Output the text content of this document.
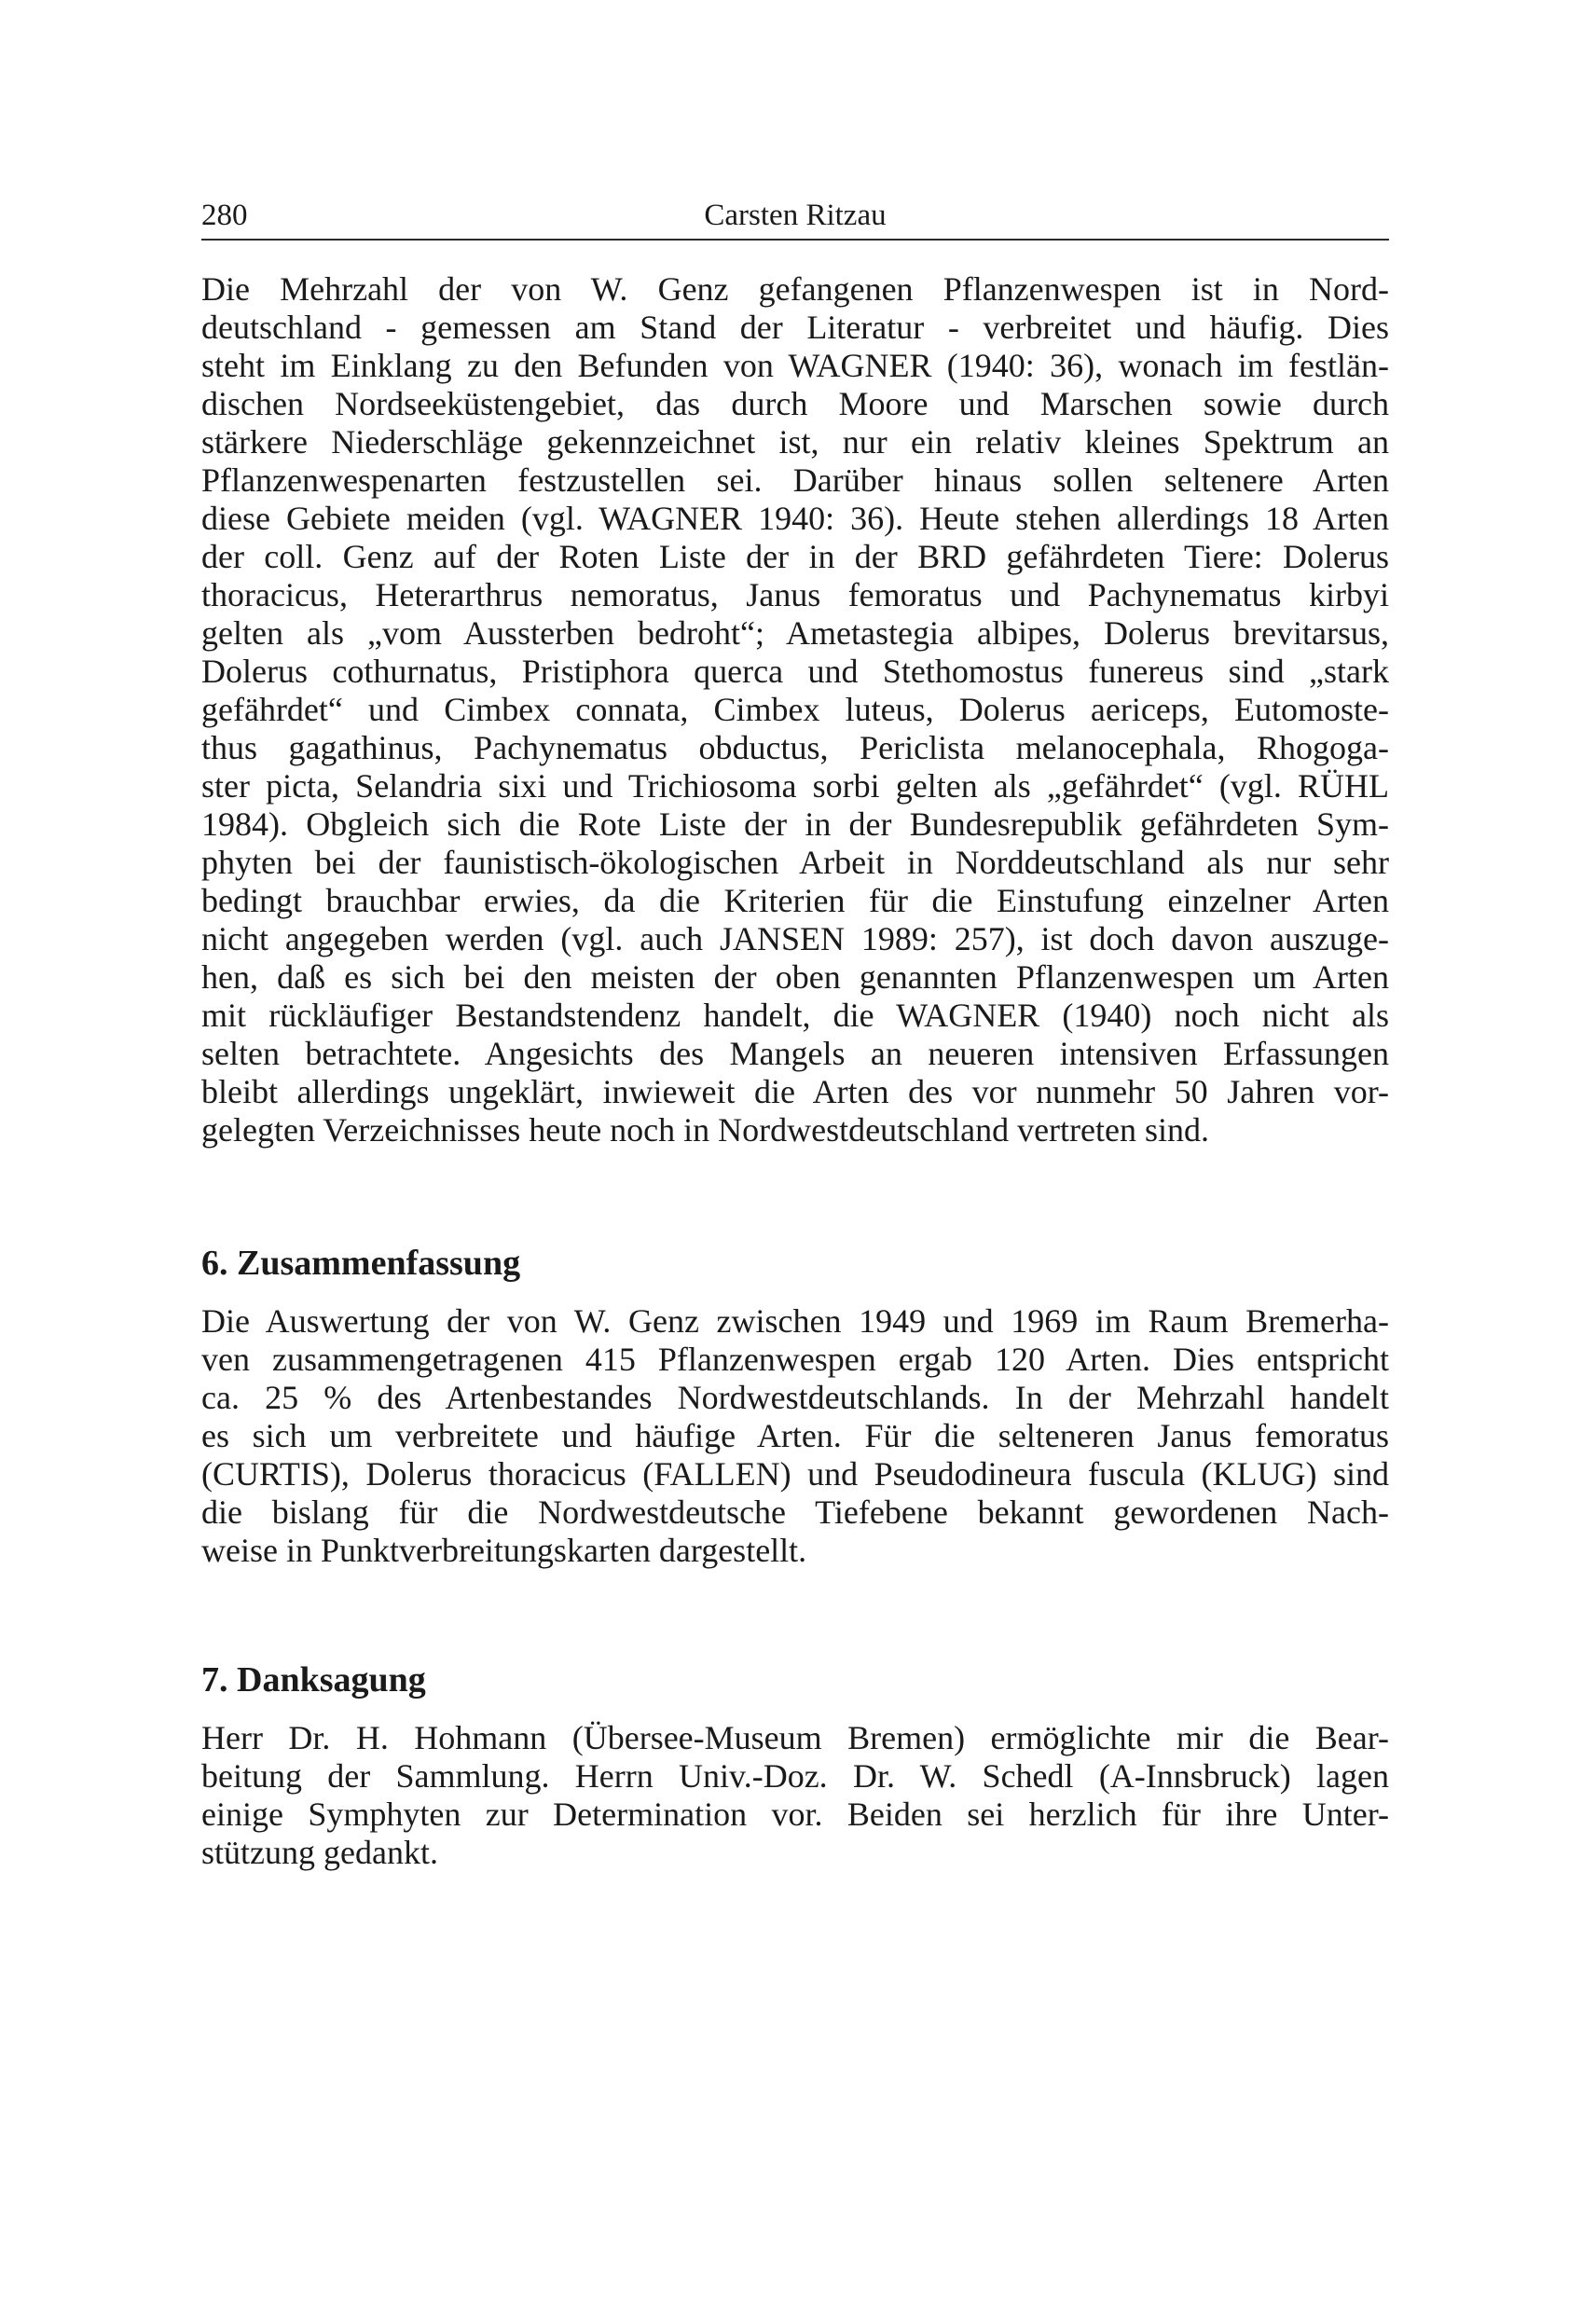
280	Carsten Ritzau

Die Mehrzahl der von W. Genz gefangenen Pflanzenwespen ist in Nord-
deutschland - gemessen am Stand der Literatur - verbreitet und häufig. Dies
steht im Einklang zu den Befunden von WAGNER (1940: 36), wonach im festlän-
dischen Nordseeküstengebiet, das durch Moore und Marschen sowie durch
stärkere Niederschläge gekennzeichnet ist, nur ein relativ kleines Spektrum an
Pflanzenwespenarten festzustellen sei. Darüber hinaus sollen seltenere Arten
diese Gebiete meiden (vgl. WAGNER 1940: 36). Heute stehen allerdings 18 Arten
der coll. Genz auf der Roten Liste der in der BRD gefährdeten Tiere: Dolerus
thoracicus, Heterarthrus nemoratus, Janus femoratus und Pachynematus kirbyi
gelten als „vom Aussterben bedroht“; Ametastegia albipes, Dolerus brevitarsus,
Dolerus cothurnatus, Pristiphora querca und Stethomostus funereus sind „stark
gefährdet“ und Cimbex connata, Cimbex luteus, Dolerus aericeps, Eutomoste-
thus gagathinus, Pachynematus obductus, Periclista melanocephala, Rhogoga-
ster picta, Selandria sixi und Trichiosoma sorbi gelten als „gefährdet“ (vgl. RÜHL
1984). Obgleich sich die Rote Liste der in der Bundesrepublik gefährdeten Sym-
phyten bei der faunistisch-ökologischen Arbeit in Norddeutschland als nur sehr
bedingt brauchbar erwies, da die Kriterien für die Einstufung einzelner Arten
nicht angegeben werden (vgl. auch JANSEN 1989: 257), ist doch davon auszuge-
hen, daß es sich bei den meisten der oben genannten Pflanzenwespen um Arten
mit rückläufiger Bestandstendenz handelt, die WAGNER (1940) noch nicht als
selten betrachtete. Angesichts des Mangels an neueren intensiven Erfassungen
bleibt allerdings ungeklärt, inwieweit die Arten des vor nunmehr 50 Jahren vor-
gelegten Verzeichnisses heute noch in Nordwestdeutschland vertreten sind.

6. Zusammenfassung

Die Auswertung der von W. Genz zwischen 1949 und 1969 im Raum Bremerha-
ven zusammengetragenen 415 Pflanzenwespen ergab 120 Arten. Dies entspricht
ca. 25 % des Artenbestandes Nordwestdeutschlands. In der Mehrzahl handelt
es sich um verbreitete und häufige Arten. Für die selteneren Janus femoratus
(CURTIS), Dolerus thoracicus (FALLEN) und Pseudodineura fuscula (KLUG) sind
die bislang für die Nordwestdeutsche Tiefebene bekannt gewordenen Nach-
weise in Punktverbreitungskarten dargestellt.

7. Danksagung

Herr Dr. H. Hohmann (Übersee-Museum Bremen) ermöglichte mir die Bear-
beitung der Sammlung. Herrn Univ.-Doz. Dr. W. Schedl (A-Innsbruck) lagen
einige Symphyten zur Determination vor. Beiden sei herzlich für ihre Unter-
stützung gedankt.
